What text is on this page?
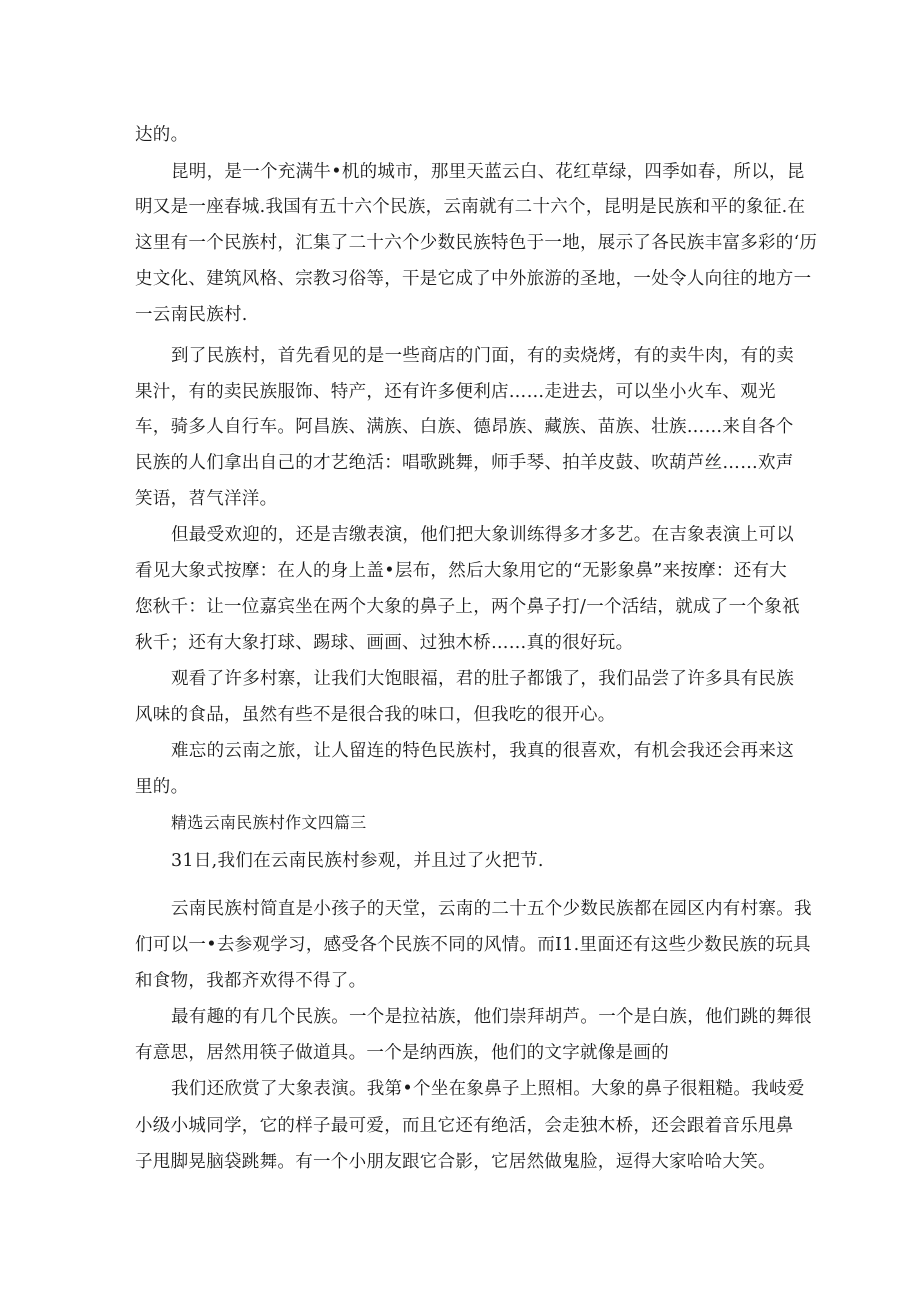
达的。
昆明，是一个充满牛•机的城市，那里天蓝云白、花红草绿，四季如春，所以，昆
明又是一座春城.我国有五十六个民族，云南就有二十六个，昆明是民族和平的象征.在
这里有一个民族村，汇集了二十六个少数民族特色于一地，展示了各民族丰富多彩的‘历
史文化、建筑风格、宗教习俗等，干是它成了中外旅游的圣地，一处令人向往的地方一
一云南民族村.
到了民族村，首先看见的是一些商店的门面，有的卖烧烤，有的卖牛肉，有的卖
果汁，有的卖民族服饰、特产，还有许多便利店……走进去，可以坐小火车、观光
车，骑多人自行车。阿昌族、满族、白族、德昂族、藏族、苗族、壮族……来自各个
民族的人们拿出自己的才艺绝活：唱歌跳舞，师手琴、拍羊皮鼓、吹葫芦丝……欢声
笑语，苕气洋洋。
但最受欢迎的，还是吉缴表演，他们把大象训练得多才多艺。在吉象表演上可以
看见大象式按摩：在人的身上盖•层布，然后大象用它的“无影象鼻”来按摩：还有大
您秋千：让一位嘉宾坐在两个大象的鼻子上，两个鼻子打/一个活结，就成了一个象祇
秋千；还有大象打球、踢球、画画、过独木桥……真的很好玩。
观看了许多村寨，让我们大饱眼福，君的肚子都饿了，我们品尝了许多具有民族
风味的食品，虽然有些不是很合我的味口，但我吃的很开心。
难忘的云南之旅，让人留连的特色民族村，我真的很喜欢，有机会我还会再来这
里的。
精选云南民族村作文四篇三
31日,我们在云南民族村参观，并且过了火把节.
云南民族村简直是小孩子的天堂，云南的二十五个少数民族都在园区内有村寨。我
们可以一•去参观学习，感受各个民族不同的风情。而I1.里面还有这些少数民族的玩具
和食物，我都齐欢得不得了。
最有趣的有几个民族。一个是拉祜族，他们崇拜胡芦。一个是白族，他们跳的舞很
有意思，居然用筷子做道具。一个是纳西族，他们的文字就像是画的
我们还欣赏了大象表演。我第•个坐在象鼻子上照相。大象的鼻子很粗糙。我岐爱
小级小城同学，它的样子最可爱，而且它还有绝活，会走独木桥，还会跟着音乐甩鼻
子甩脚晃脑袋跳舞。有一个小朋友跟它合影，它居然做鬼脸，逗得大家哈哈大笑。
